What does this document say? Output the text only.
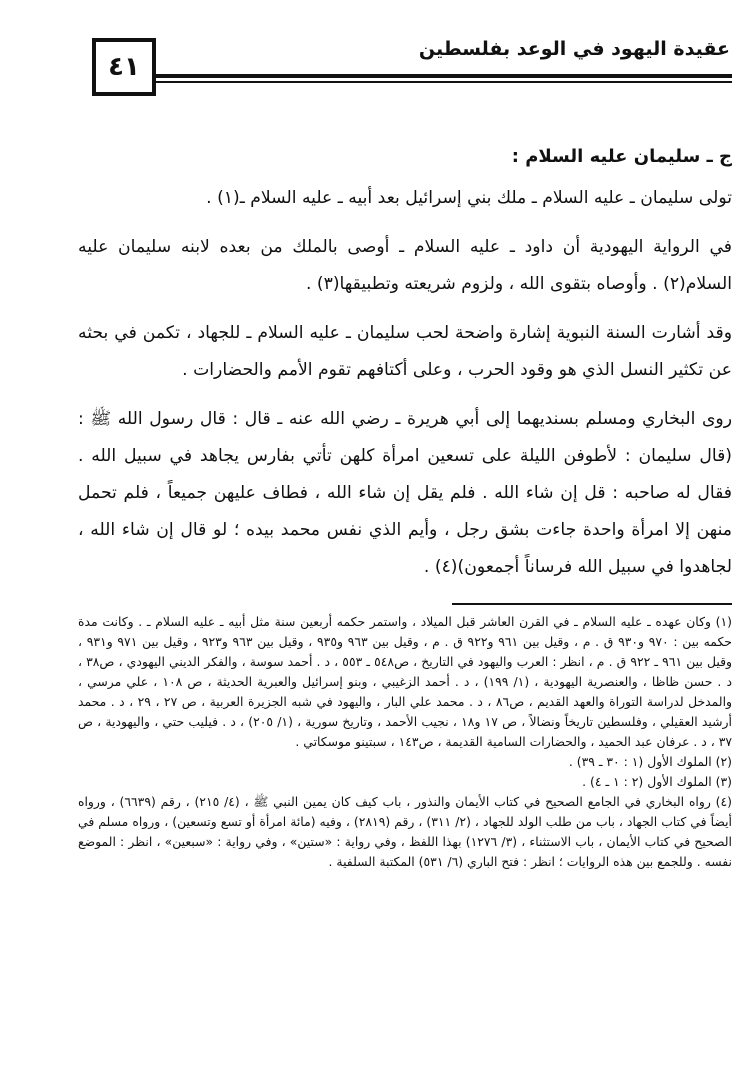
٤١
عقيدة اليهود في الوعد بفلسطين

ج ـ سليمان عليه السلام :

تولى سليمان ـ عليه السلام ـ ملك بني إسرائيل بعد أبيه ـ عليه السلام ـ(١) .

في الرواية اليهودية أن داود ـ عليه السلام ـ أوصى بالملك من بعده لابنه سليمان عليه السلام(٢) . وأوصاه بتقوى الله ، ولزوم شريعته وتطبيقها(٣) .

وقد أشارت السنة النبوية إشارة واضحة لحب سليمان ـ عليه السلام ـ للجهاد ، تكمن في بحثه عن تكثير النسل الذي هو وقود الحرب ، وعلى أكتافهم تقوم الأمم والحضارات .

روى البخاري ومسلم بسنديهما إلى أبي هريرة ـ رضي الله عنه ـ قال : قال رسول الله ﷺ : (قال سليمان : لأطوفن الليلة على تسعين امرأة كلهن تأتي بفارس يجاهد في سبيل الله . فقال له صاحبه : قل إن شاء الله . فلم يقل إن شاء الله ، فطاف عليهن جميعاً ، فلم تحمل منهن إلا امرأة واحدة جاءت بشق رجل ، وأيم الذي نفس محمد بيده ؛ لو قال إن شاء الله ، لجاهدوا في سبيل الله فرساناً أجمعون)(٤) .

(١) وكان عهده ـ عليه السلام ـ في القرن العاشر قبل الميلاد ، واستمر حكمه أربعين سنة مثل أبيه ـ عليه السلام ـ . وكانت مدة حكمه بين : ٩٧٠ و٩٣٠ ق . م ، وقيل بين ٩٦١ و٩٢٢ ق . م ، وقيل بين ٩٦٣ و٩٣٥ ، وقيل بين ٩٦٣ و٩٢٣ ، وقيل بين ٩٧١ و٩٣١ ، وقيل بين ٩٦١ ـ ٩٢٢ ق . م ، انظر : العرب واليهود في التاريخ ، ص٥٤٨ ـ ٥٥٣ ، د . أحمد سوسة ، والفكر الديني اليهودي ، ص٣٨ ، د . حسن ظاظا ، والعنصرية اليهودية ، (١/ ١٩٩) ، د . أحمد الزغيبي ، وبنو إسرائيل والعبرية الحديثة ، ص ١٠٨ ، علي مرسي ، والمدخل لدراسة التوراة والعهد القديم ، ص٨٦ ، د . محمد علي البار ، واليهود في شبه الجزيرة العربية ، ص ٢٧ ، ٢٩ ، د . محمد أرشيد العقيلي ، وفلسطين تاريخاً ونضالاً ، ص ١٧ و١٨ ، نجيب الأحمد ، وتاريخ سورية ، (١/ ٢٠٥) ، د . فيليب حتي ، واليهودية ، ص ٣٧ ، د . عرفان عبد الحميد ، والحضارات السامية القديمة ، ص١٤٣ ، سبتينو موسكاتي .

(٢) الملوك الأول (١ : ٣٠ ـ ٣٩) .

(٣) الملوك الأول (٢ : ١ ـ ٤) .

(٤) رواه البخاري في الجامع الصحيح في كتاب الأيمان والنذور ، باب كيف كان يمين النبي ﷺ ، (٤/ ٢١٥) ، رقم (٦٦٣٩) ، ورواه أيضاً في كتاب الجهاد ، باب من طلب الولد للجهاد ، (٢/ ٣١١) ، رقم (٢٨١٩) ، وفيه (مائة امرأة أو تسع وتسعين) ، ورواه مسلم في الصحيح في كتاب الأيمان ، باب الاستثناء ، (٣/ ١٢٧٦) بهذا اللفظ ، وفي رواية : «ستين» ، وفي رواية : «سبعين» ، انظر : الموضع نفسه . وللجمع بين هذه الروايات ؛ انظر : فتح الباري (٦/ ٥٣١) المكتبة السلفية .
